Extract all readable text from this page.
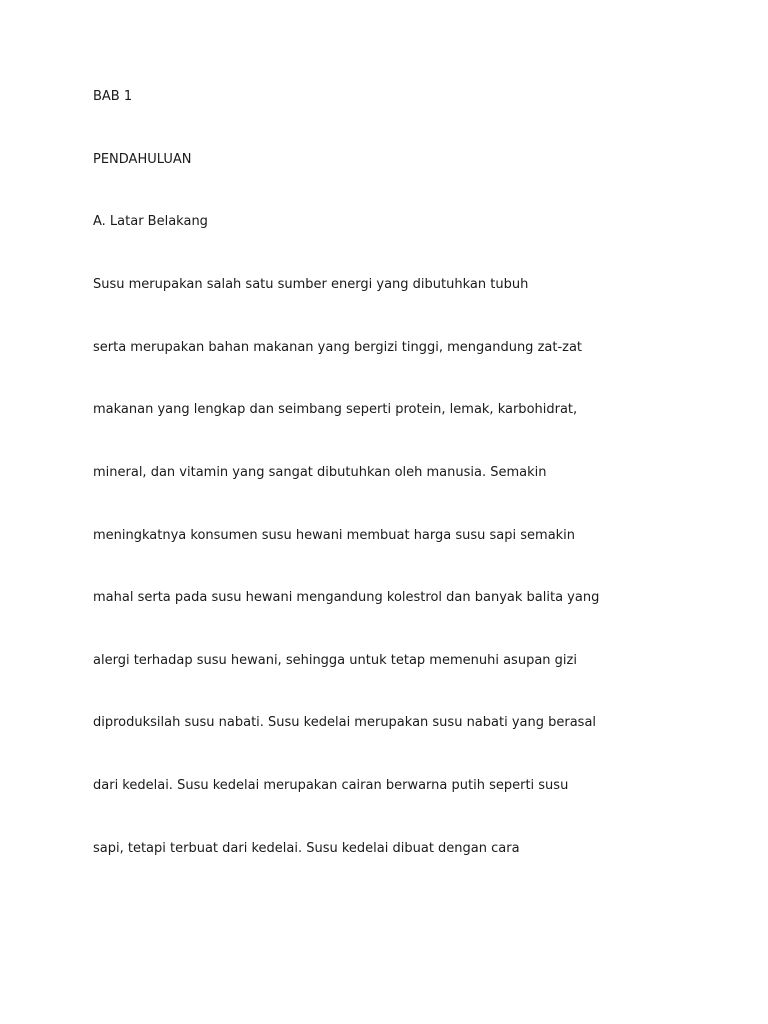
BAB 1

PENDAHULUAN

A. Latar Belakang

Susu merupakan salah satu sumber energi yang dibutuhkan tubuh

serta merupakan bahan makanan yang bergizi tinggi, mengandung zat-zat

makanan yang lengkap dan seimbang seperti protein, lemak, karbohidrat,

mineral, dan vitamin yang sangat dibutuhkan oleh manusia. Semakin

meningkatnya konsumen susu hewani membuat harga susu sapi semakin

mahal serta pada susu hewani mengandung kolestrol dan banyak balita yang

alergi terhadap susu hewani, sehingga untuk tetap memenuhi asupan gizi

diproduksilah susu nabati. Susu kedelai merupakan susu nabati yang berasal

dari kedelai. Susu kedelai merupakan cairan berwarna putih seperti susu

sapi, tetapi terbuat dari kedelai. Susu kedelai dibuat dengan cara
